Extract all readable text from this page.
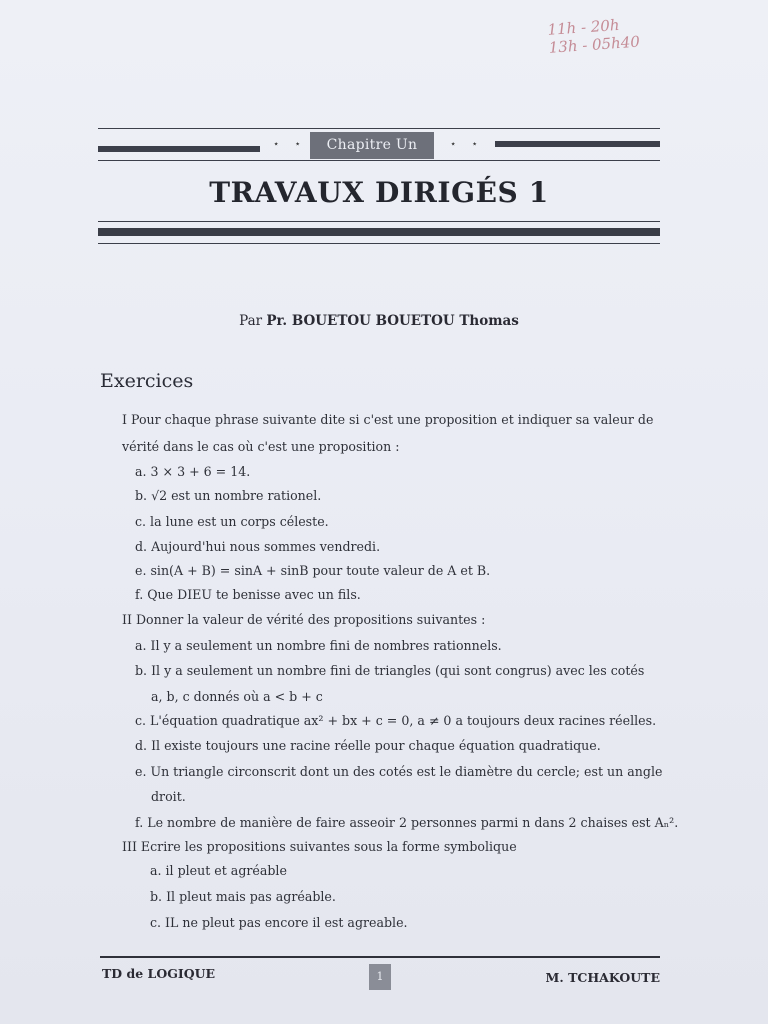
11h - 20h
13h - 05h40
⋆ ⋆	Chapitre Un	⋆ ⋆
TRAVAUX DIRIGÉS 1
Par Pr. BOUETOU BOUETOU Thomas
Exercices
I Pour chaque phrase suivante dite si c'est une proposition et indiquer sa valeur de
vérité dans le cas où c'est une proposition :
a. 3 × 3 + 6 = 14.
b. √2 est un nombre rationel.
c. la lune est un corps céleste.
d. Aujourd'hui nous sommes vendredi.
e. sin(A + B) = sinA + sinB pour toute valeur de A et B.
f. Que DIEU te benisse avec un fils.
II Donner la valeur de vérité des propositions suivantes :
a. Il y a seulement un nombre fini de nombres rationnels.
b. Il y a seulement un nombre fini de triangles (qui sont congrus) avec les cotés
a, b, c donnés où a < b + c
c. L'équation quadratique ax² + bx + c = 0, a ≠ 0 a toujours deux racines réelles.
d. Il existe toujours une racine réelle pour chaque équation quadratique.
e. Un triangle circonscrit dont un des cotés est le diamètre du cercle; est un angle
droit.
f. Le nombre de manière de faire asseoir 2 personnes parmi n dans 2 chaises est Aₙ².
III Ecrire les propositions suivantes sous la forme symbolique
a. il pleut et agréable
b. Il pleut mais pas agréable.
c. IL ne pleut pas encore il est agreable.
TD de LOGIQUE	1	M. TCHAKOUTE
